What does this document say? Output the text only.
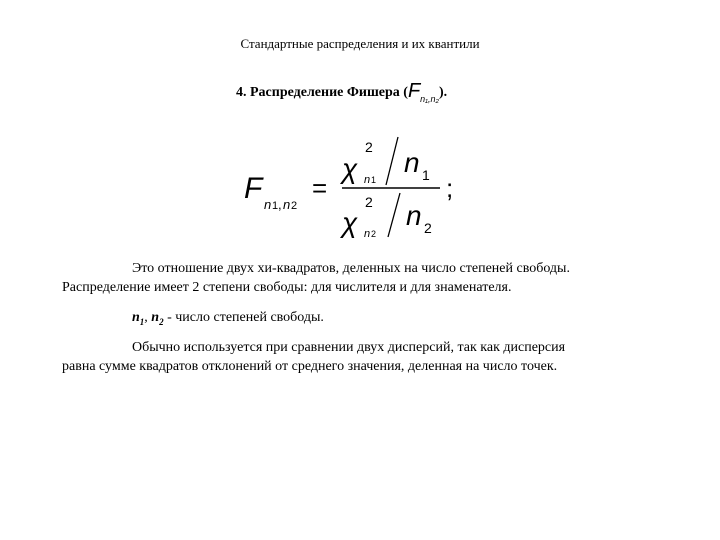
Стандартные распределения и их квантили
4. Распределение Фишера $(F_{n_1,n_2})$.
F n 1 , n 2
=
χ
2
n 1
n 1
χ
2
n 2
n 2
;
Это отношение двух хи-квадратов, деленных на число степеней свободы.
Распределение имеет 2 степени свободы: для числителя и для знаменателя.
$n_1$, $n_2$ - число степеней свободы.
Обычно используется при сравнении двух дисперсий, так как дисперсия
равна сумме квадратов отклонений от среднего значения, деленная на число точек.
